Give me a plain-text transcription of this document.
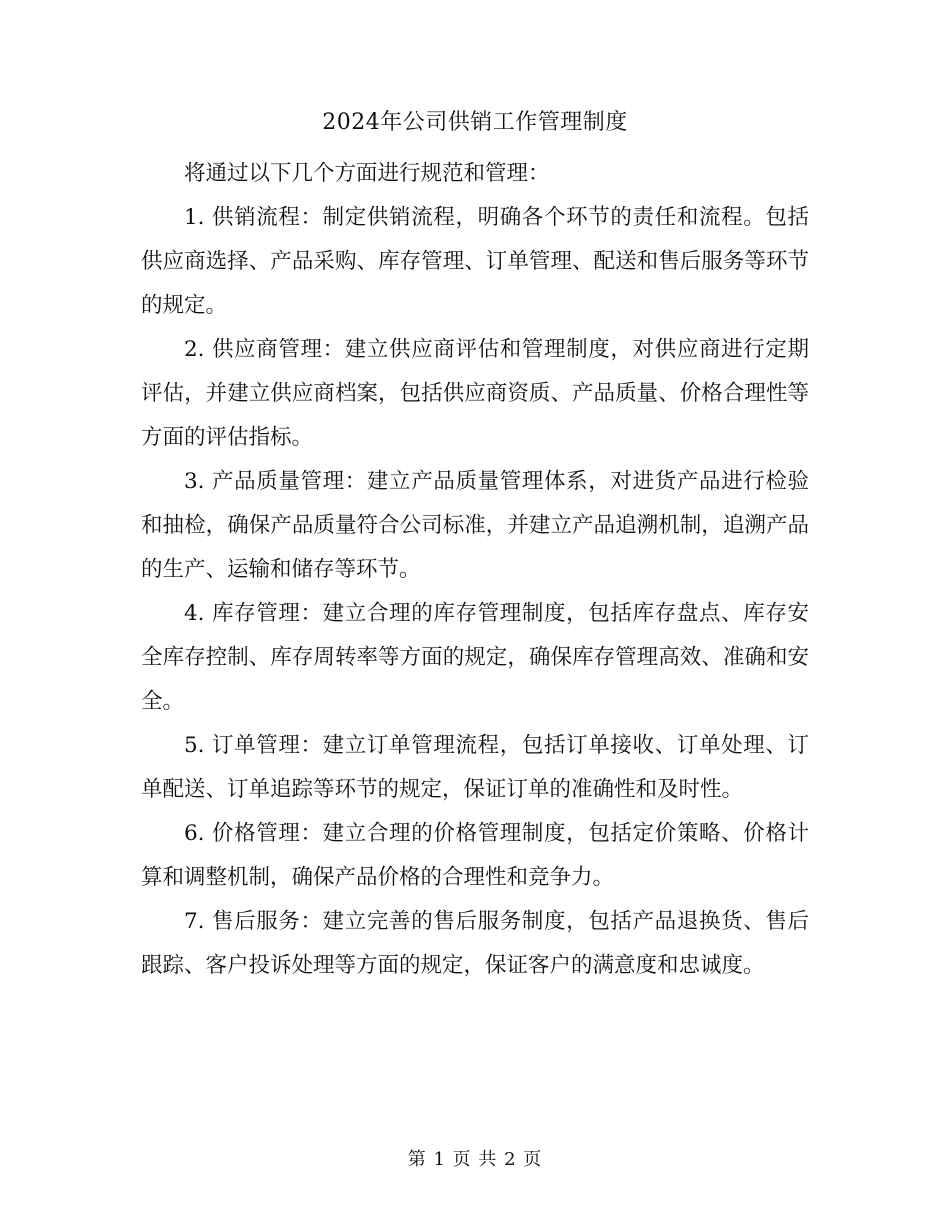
2024年公司供销工作管理制度

将通过以下几个方面进行规范和管理：

1. 供销流程：制定供销流程，明确各个环节的责任和流程。包括供应商选择、产品采购、库存管理、订单管理、配送和售后服务等环节的规定。

2. 供应商管理：建立供应商评估和管理制度，对供应商进行定期评估，并建立供应商档案，包括供应商资质、产品质量、价格合理性等方面的评估指标。

3. 产品质量管理：建立产品质量管理体系，对进货产品进行检验和抽检，确保产品质量符合公司标准，并建立产品追溯机制，追溯产品的生产、运输和储存等环节。

4. 库存管理：建立合理的库存管理制度，包括库存盘点、库存安全库存控制、库存周转率等方面的规定，确保库存管理高效、准确和安全。

5. 订单管理：建立订单管理流程，包括订单接收、订单处理、订单配送、订单追踪等环节的规定，保证订单的准确性和及时性。

6. 价格管理：建立合理的价格管理制度，包括定价策略、价格计算和调整机制，确保产品价格的合理性和竞争力。

7. 售后服务：建立完善的售后服务制度，包括产品退换货、售后跟踪、客户投诉处理等方面的规定，保证客户的满意度和忠诚度。

第 1 页 共 2 页
